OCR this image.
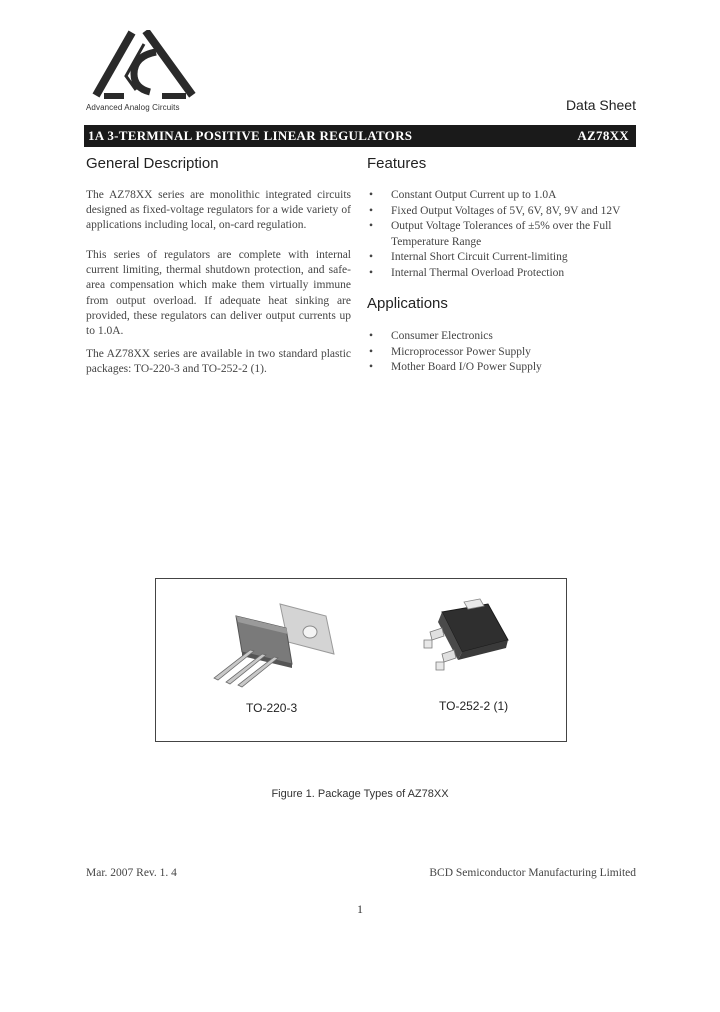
Advanced Analog Circuits	Data Sheet
1A 3-TERMINAL POSITIVE LINEAR REGULATORS	AZ78XX
General Description
The AZ78XX series are monolithic integrated circuits designed as fixed-voltage regulators for a wide variety of applications including local, on-card regulation.
This series of regulators are complete with internal current limiting, thermal shutdown protection, and safe-area compensation which make them virtually immune from output overload. If adequate heat sinking are provided, these regulators can deliver output currents up to 1.0A.
The AZ78XX series are available in two standard plastic packages: TO-220-3 and TO-252-2 (1).
Features
• Constant Output Current up to 1.0A
• Fixed Output Voltages of 5V, 6V, 8V, 9V and 12V
• Output Voltage Tolerances of ±5% over the Full Temperature Range
• Internal Short Circuit Current-limiting
• Internal Thermal Overload Protection
Applications
• Consumer Electronics
• Microprocessor Power Supply
• Mother Board I/O Power Supply
TO-220-3	TO-252-2 (1)
Figure 1. Package Types of AZ78XX
Mar. 2007 Rev. 1. 4	BCD Semiconductor Manufacturing Limited
1
